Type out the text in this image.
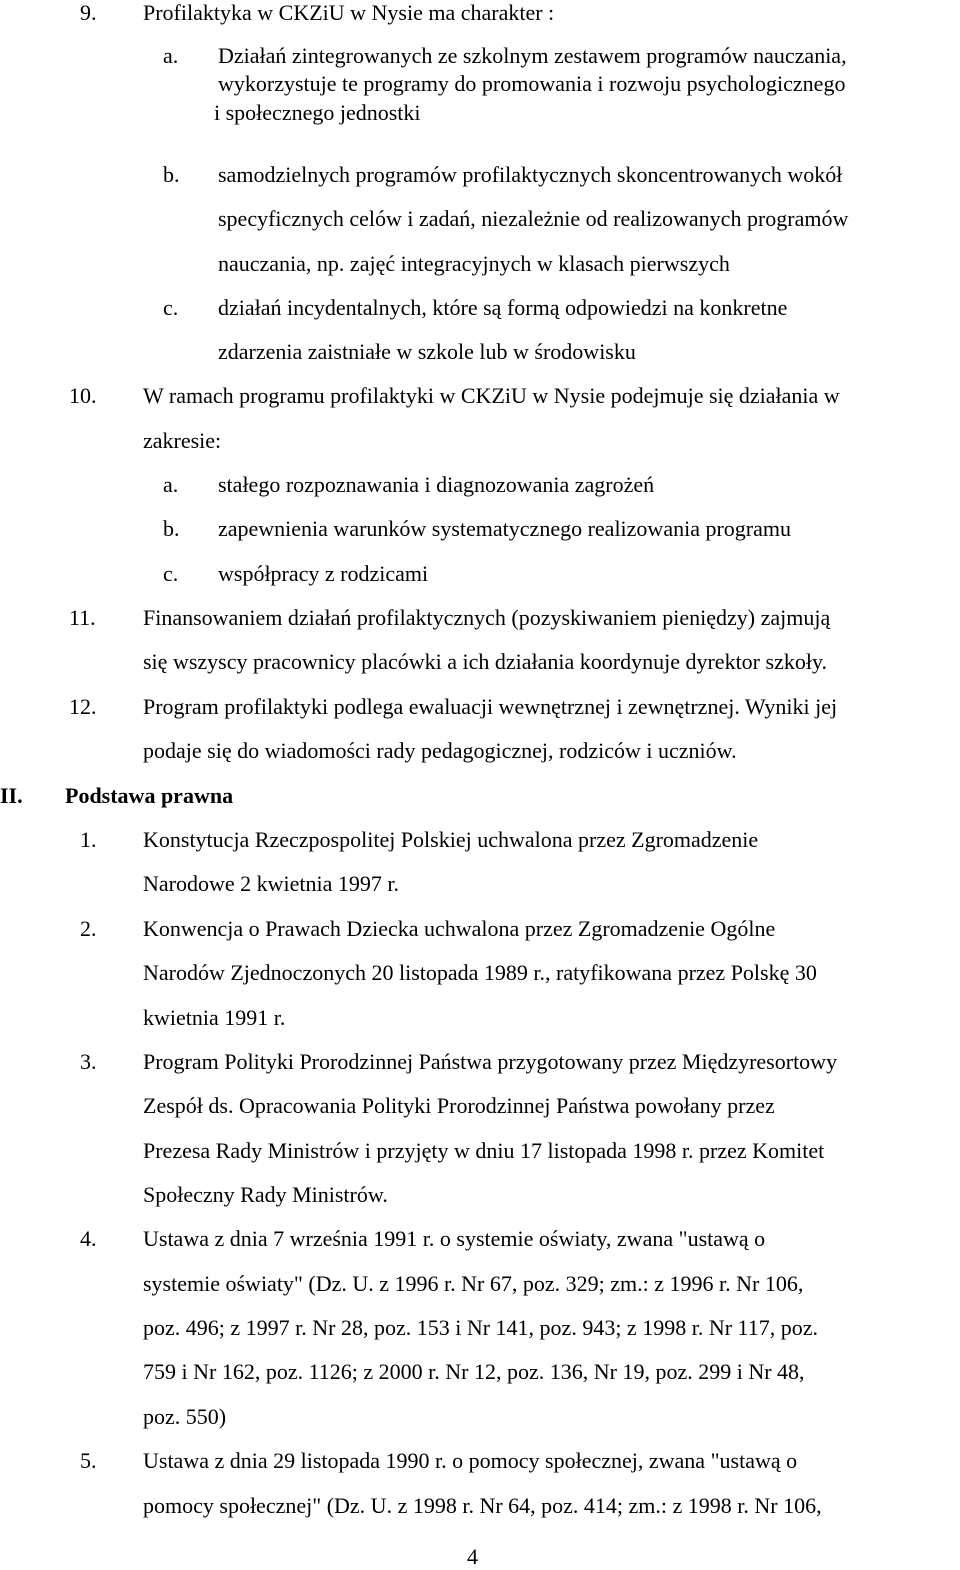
9. Profilaktyka w CKZiU w Nysie ma charakter :
a. Działań zintegrowanych ze szkolnym zestawem programów nauczania,
wykorzystuje te programy do promowania i rozwoju psychologicznego
i społecznego jednostki
b. samodzielnych programów profilaktycznych skoncentrowanych wokół
specyficznych celów i zadań, niezależnie od realizowanych programów
nauczania, np. zajęć integracyjnych w klasach pierwszych
c. działań incydentalnych, które są formą odpowiedzi na konkretne
zdarzenia zaistniałe w szkole lub w środowisku
10. W ramach programu profilaktyki w CKZiU w Nysie podejmuje się działania w
zakresie:
a. stałego rozpoznawania i diagnozowania zagrożeń
b. zapewnienia warunków systematycznego realizowania programu
c. współpracy z rodzicami
11. Finansowaniem działań profilaktycznych (pozyskiwaniem pieniędzy) zajmują
się wszyscy pracownicy placówki a ich działania koordynuje dyrektor szkoły.
12. Program profilaktyki podlega ewaluacji wewnętrznej i zewnętrznej. Wyniki jej
podaje się do wiadomości rady pedagogicznej, rodziców i uczniów.
II. Podstawa prawna
1. Konstytucja Rzeczpospolitej Polskiej uchwalona przez Zgromadzenie
Narodowe 2 kwietnia 1997 r.
2. Konwencja o Prawach Dziecka uchwalona przez Zgromadzenie Ogólne
Narodów Zjednoczonych 20 listopada 1989 r., ratyfikowana przez Polskę 30
kwietnia 1991 r.
3. Program Polityki Prorodzinnej Państwa przygotowany przez Międzyresortowy
Zespół ds. Opracowania Polityki Prorodzinnej Państwa powołany przez
Prezesa Rady Ministrów i przyjęty w dniu 17 listopada 1998 r. przez Komitet
Społeczny Rady Ministrów.
4. Ustawa z dnia 7 września 1991 r. o systemie oświaty, zwana "ustawą o
systemie oświaty" (Dz. U. z 1996 r. Nr 67, poz. 329; zm.: z 1996 r. Nr 106,
poz. 496; z 1997 r. Nr 28, poz. 153 i Nr 141, poz. 943; z 1998 r. Nr 117, poz.
759 i Nr 162, poz. 1126; z 2000 r. Nr 12, poz. 136, Nr 19, poz. 299 i Nr 48,
poz. 550)
5. Ustawa z dnia 29 listopada 1990 r. o pomocy społecznej, zwana "ustawą o
pomocy społecznej" (Dz. U. z 1998 r. Nr 64, poz. 414; zm.: z 1998 r. Nr 106,
4
